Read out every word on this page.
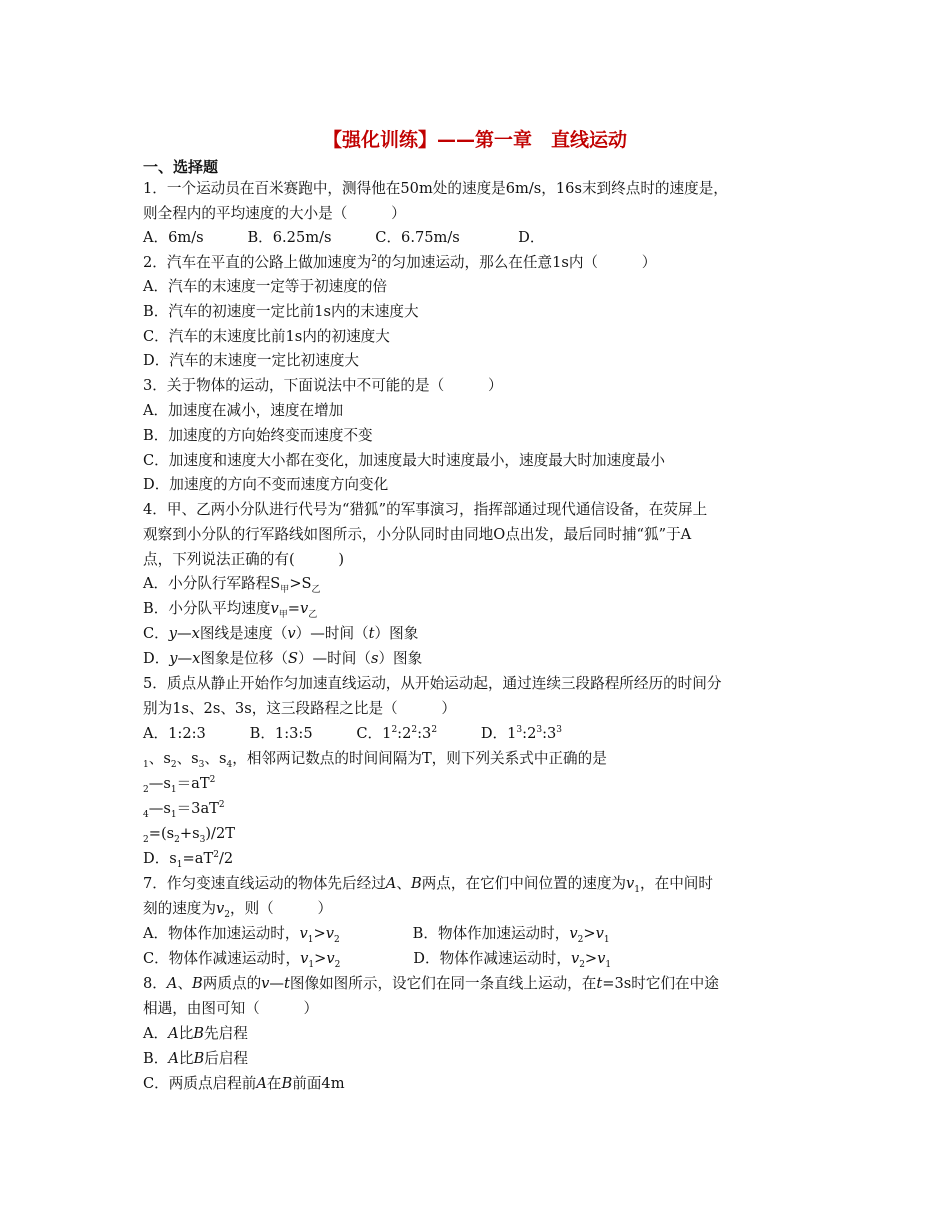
【强化训练】——第一章　直线运动
一、选择题
1．一个运动员在百米赛跑中，测得他在50m处的速度是6m/s，16s末到终点时的速度是，
则全程内的平均速度的大小是（　　　）
A．6m/s　　　B．6.25m/s　　　C．6.75m/s　　　　D．
2．汽车在平直的公路上做加速度为$^2$的匀加速运动，那么在任意1s内（　　　）
A．汽车的末速度一定等于初速度的倍
B．汽车的初速度一定比前1s内的末速度大
C．汽车的末速度比前1s内的初速度大
D．汽车的末速度一定比初速度大
3．关于物体的运动，下面说法中不可能的是（　　　）
A．加速度在减小，速度在增加
B．加速度的方向始终变而速度不变
C．加速度和速度大小都在变化，加速度最大时速度最小，速度最大时加速度最小
D．加速度的方向不变而速度方向变化
4．甲、乙两小分队进行代号为“猎狐”的军事演习，指挥部通过现代通信设备，在荧屏上
观察到小分队的行军路线如图所示，小分队同时由同地O点出发，最后同时捕“狐”于A
点，下列说法正确的有(　　　)
A．小分队行军路程$S_甲>S_乙$
B．小分队平均速度$v_甲=v_乙$
C．y—x图线是速度（v）—时间（t）图象
D．y—x图象是位移（S）—时间（s）图象
5．质点从静止开始作匀加速直线运动，从开始运动起，通过连续三段路程所经历的时间分
别为1s、2s、3s，这三段路程之比是（　　　）
A．1:2:3　　　B．1:3:5　　　C．$1^2:2^2:3^2$　　　D．$1^3:2^3:3^3$
$_1$、$s_2$、$s_3$、$s_4$，相邻两记数点的时间间隔为T，则下列关系式中正确的是
$_2—s_1=aT^2$
$_4—s_1=3aT^2$
$_2=(s_2+s_3)/2T$
D．$s_1=aT^2/2$
7．作匀变速直线运动的物体先后经过A、B两点，在它们中间位置的速度为$v_1$，在中间时
刻的速度为$v_2$，则（　　　）
A．物体作加速运动时，$v_1>v_2$　　　　　	B．物体作加速运动时，$v_2>v_1$
C．物体作减速运动时，$v_1>v_2$　　　　　	D．物体作减速运动时，$v_2>v_1$
8．A、B两质点的v—t图像如图所示，设它们在同一条直线上运动，在t=3s时它们在中途
相遇，由图可知（　　　）
A．A比B先启程
B．A比B后启程
C．两质点启程前A在B前面4m
